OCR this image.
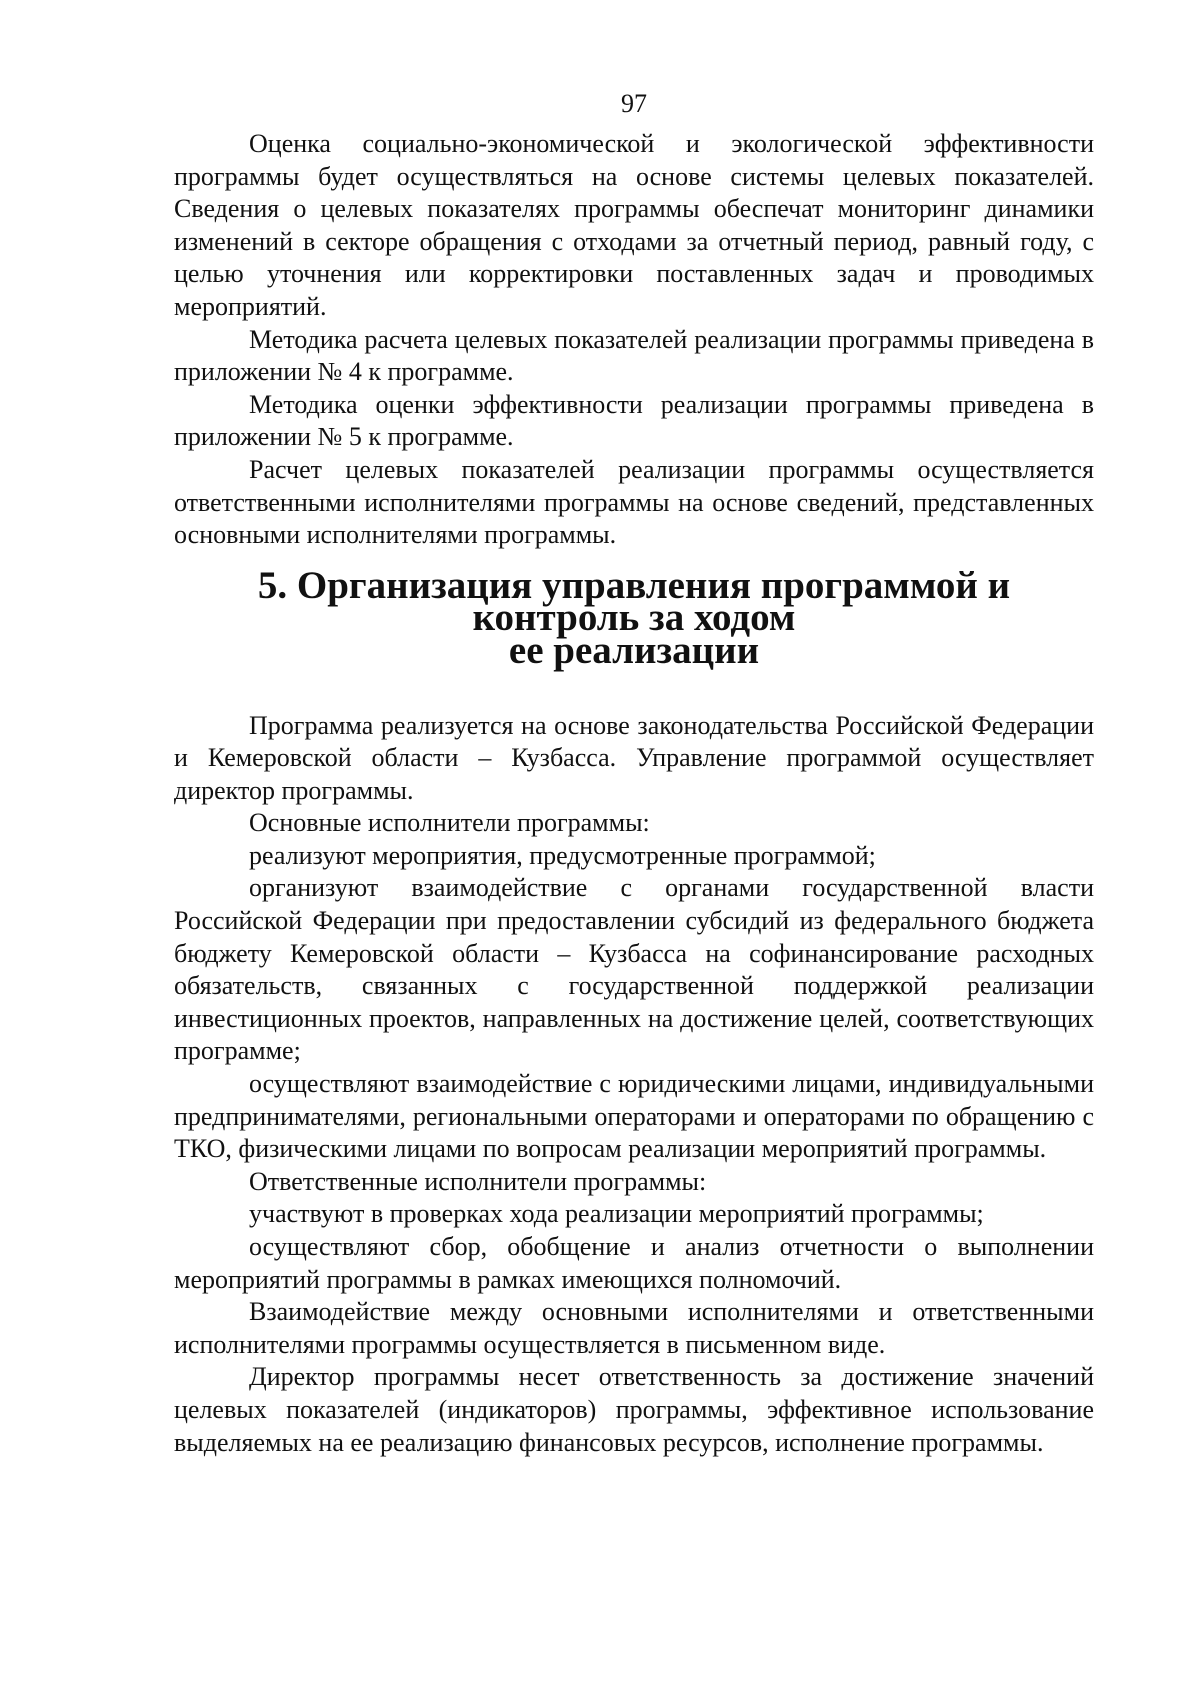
97

Оценка социально-экономической и экологической эффективности программы будет осуществляться на основе системы целевых показателей. Сведения о целевых показателях программы обеспечат мониторинг динамики изменений в секторе обращения с отходами за отчетный период, равный году, с целью уточнения или корректировки поставленных задач и проводимых мероприятий.

Методика расчета целевых показателей реализации программы приведена в приложении № 4 к программе.

Методика оценки эффективности реализации программы приведена в приложении № 5 к программе.

Расчет целевых показателей реализации программы осуществляется ответственными исполнителями программы на основе сведений, представленных основными исполнителями программы.

5. Организация управления программой и контроль за ходом
ее реализации

Программа реализуется на основе законодательства Российской Федерации и Кемеровской области – Кузбасса. Управление программой осуществляет директор программы.

Основные исполнители программы:

реализуют мероприятия, предусмотренные программой;

организуют взаимодействие с органами государственной власти Российской Федерации при предоставлении субсидий из федерального бюджета бюджету Кемеровской области – Кузбасса на софинансирование расходных обязательств, связанных с государственной поддержкой реализации инвестиционных проектов, направленных на достижение целей, соответствующих программе;

осуществляют взаимодействие с юридическими лицами, индивидуальными предпринимателями, региональными операторами и операторами по обращению с ТКО, физическими лицами по вопросам реализации мероприятий программы.

Ответственные исполнители программы:

участвуют в проверках хода реализации мероприятий программы;

осуществляют сбор, обобщение и анализ отчетности о выполнении мероприятий программы в рамках имеющихся полномочий.

Взаимодействие между основными исполнителями и ответственными исполнителями программы осуществляется в письменном виде.

Директор программы несет ответственность за достижение значений целевых показателей (индикаторов) программы, эффективное использование выделяемых на ее реализацию финансовых ресурсов, исполнение программы.
